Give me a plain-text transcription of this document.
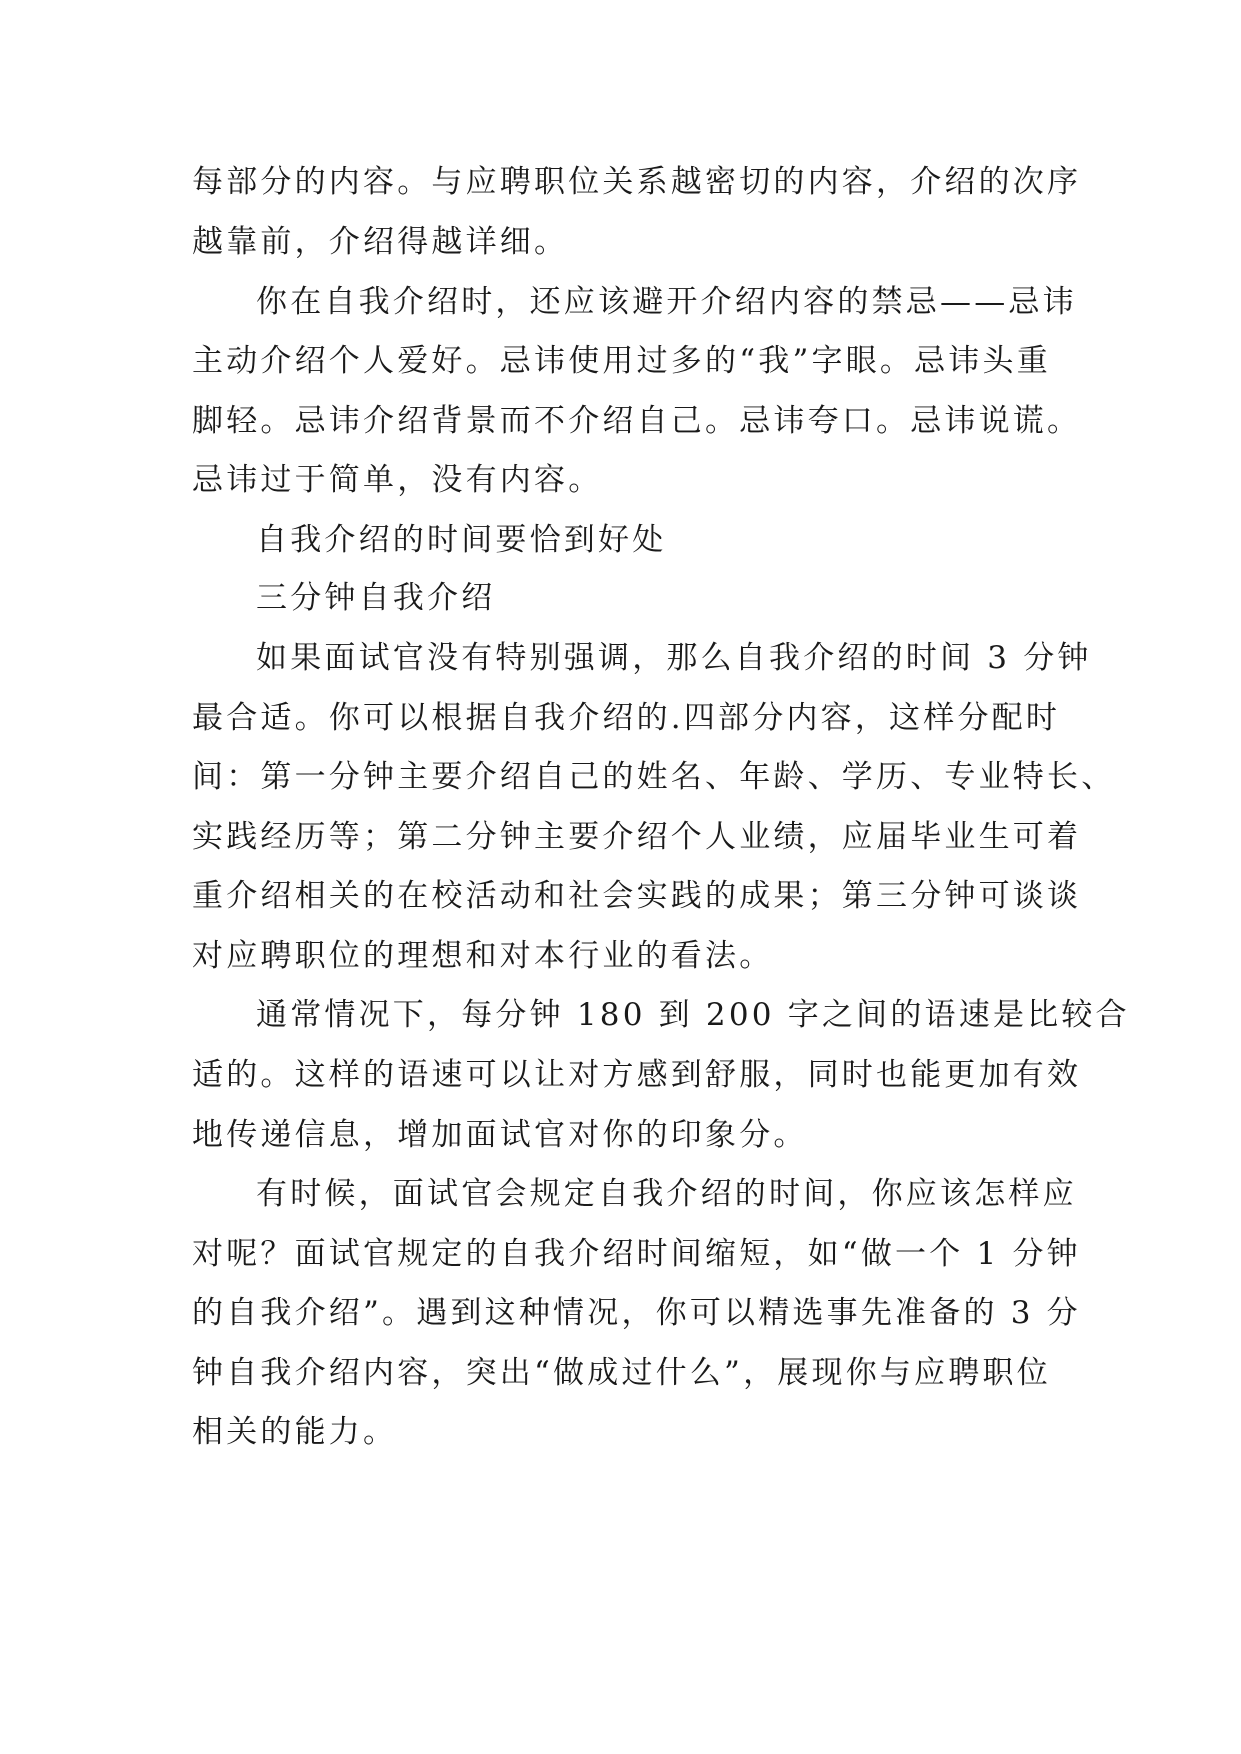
每部分的内容。与应聘职位关系越密切的内容，介绍的次序
越靠前，介绍得越详细。
你在自我介绍时，还应该避开介绍内容的禁忌——忌讳
主动介绍个人爱好。忌讳使用过多的“我”字眼。忌讳头重
脚轻。忌讳介绍背景而不介绍自己。忌讳夸口。忌讳说谎。
忌讳过于简单，没有内容。
自我介绍的时间要恰到好处
三分钟自我介绍
如果面试官没有特别强调，那么自我介绍的时间 3 分钟
最合适。你可以根据自我介绍的.四部分内容，这样分配时
间：第一分钟主要介绍自己的姓名、年龄、学历、专业特长、
实践经历等；第二分钟主要介绍个人业绩，应届毕业生可着
重介绍相关的在校活动和社会实践的成果；第三分钟可谈谈
对应聘职位的理想和对本行业的看法。
通常情况下，每分钟 180 到 200 字之间的语速是比较合
适的。这样的语速可以让对方感到舒服，同时也能更加有效
地传递信息，增加面试官对你的印象分。
有时候，面试官会规定自我介绍的时间，你应该怎样应
对呢？面试官规定的自我介绍时间缩短，如“做一个 1 分钟
的自我介绍”。遇到这种情况，你可以精选事先准备的 3 分
钟自我介绍内容，突出“做成过什么”，展现你与应聘职位
相关的能力。
